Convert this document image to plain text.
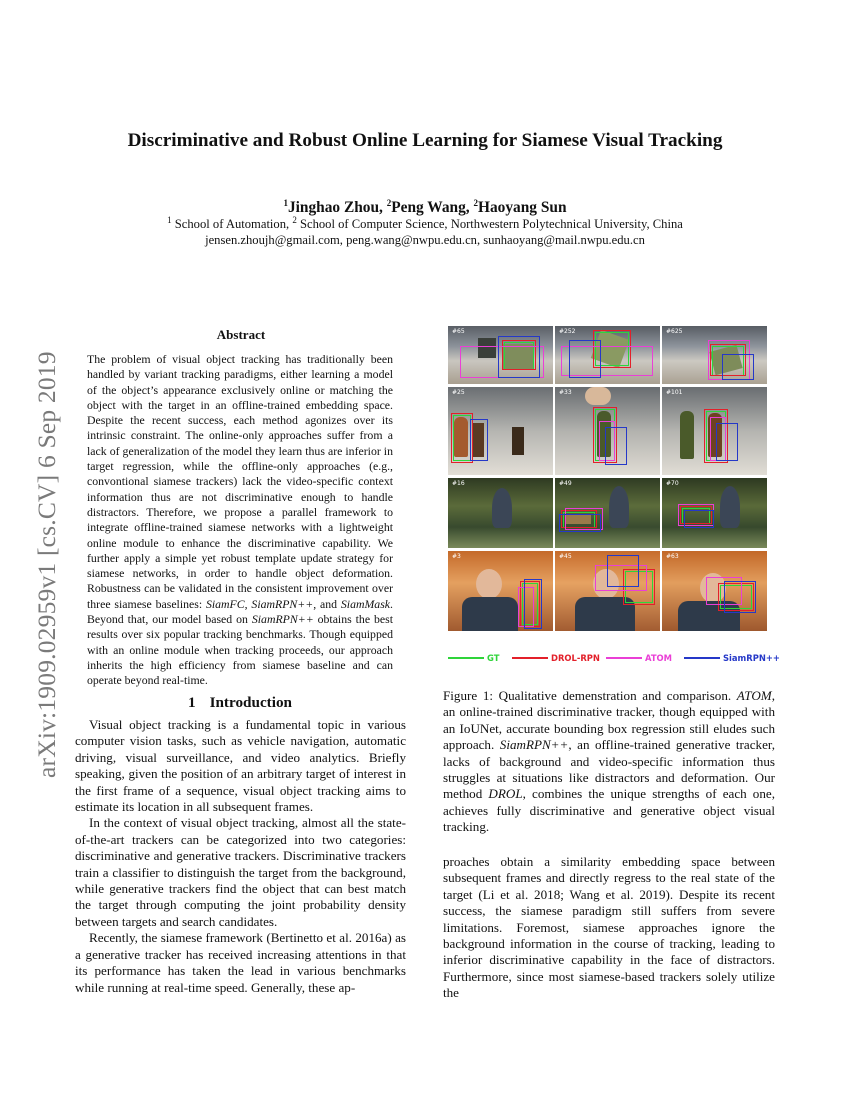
arXiv:1909.02959v1 [cs.CV] 6 Sep 2019
Discriminative and Robust Online Learning for Siamese Visual Tracking
$^1$Jinghao Zhou, $^2$Peng Wang, $^2$Haoyang Sun
$^1$ School of Automation, $^2$ School of Computer Science, Northwestern Polytechnical University, China
jensen.zhoujh@gmail.com, peng.wang@nwpu.edu.cn, sunhaoyang@mail.nwpu.edu.cn
Abstract
The problem of visual object tracking has traditionally been handled by variant tracking paradigms, either learning a model of the object’s appearance exclusively online or matching the object with the target in an offline-trained embedding space. Despite the recent success, each method agonizes over its intrinsic constraint. The online-only approaches suffer from a lack of generalization of the model they learn thus are inferior in target regression, while the offline-only approaches (e.g., convontional siamese trackers) lack the video-specific context information thus are not discriminative enough to handle distractors. Therefore, we propose a parallel framework to integrate offline-trained siamese networks with a lightweight online module to enhance the discriminative capability. We further apply a simple yet robust template update strategy for siamese networks, in order to handle object deformation. Robustness can be validated in the consistent improvement over three siamese baselines: SiamFC, SiamRPN++, and SiamMask. Beyond that, our model based on SiamRPN++ obtains the best results over six popular tracking benchmarks. Though equipped with an online module when tracking proceeds, our approach inherits the high efficiency from siamese baseline and can operate beyond real-time.
1 Introduction

Visual object tracking is a fundamental topic in various computer vision tasks, such as vehicle navigation, automatic driving, visual surveillance, and video analytics. Briefly speaking, given the position of an arbitrary target of interest in the first frame of a sequence, visual object tracking aims to estimate its location in all subsequent frames.

In the context of visual object tracking, almost all the state-of-the-art trackers can be categorized into two categories: discriminative and generative trackers. Discriminative trackers train a classifier to distinguish the target from the background, while generative trackers find the object that can best match the target through computing the joint probability density between targets and search candidates.

Recently, the siamese framework (Bertinetto et al. 2016a) as a generative tracker has received increasing attentions in that its performance has taken the lead in various benchmarks while running at real-time speed. Generally, these ap-

#65	#252	#625
#25	#33	#101
#16	#49	#70
#3	#45	#63
GT	DROL-RPN	ATOM	SiamRPN++
Figure 1: Qualitative demenstration and comparison. ATOM, an online-trained discriminative tracker, though equipped with an IoUNet, accurate bounding box regression still eludes such approach. SiamRPN++, an offline-trained generative tracker, lacks of background and video-specific information thus struggles at situations like distractors and deformation. Our method DROL, combines the unique strengths of each one, achieves fully discriminative and generative object visual tracking.

proaches obtain a similarity embedding space between subsequent frames and directly regress to the real state of the target (Li et al. 2018; Wang et al. 2019). Despite its recent success, the siamese paradigm still suffers from severe limitations. Foremost, siamese approaches ignore the background information in the course of tracking, leading to inferior discriminative capability in the face of distractors. Furthermore, since most siamese-based trackers solely utilize the
